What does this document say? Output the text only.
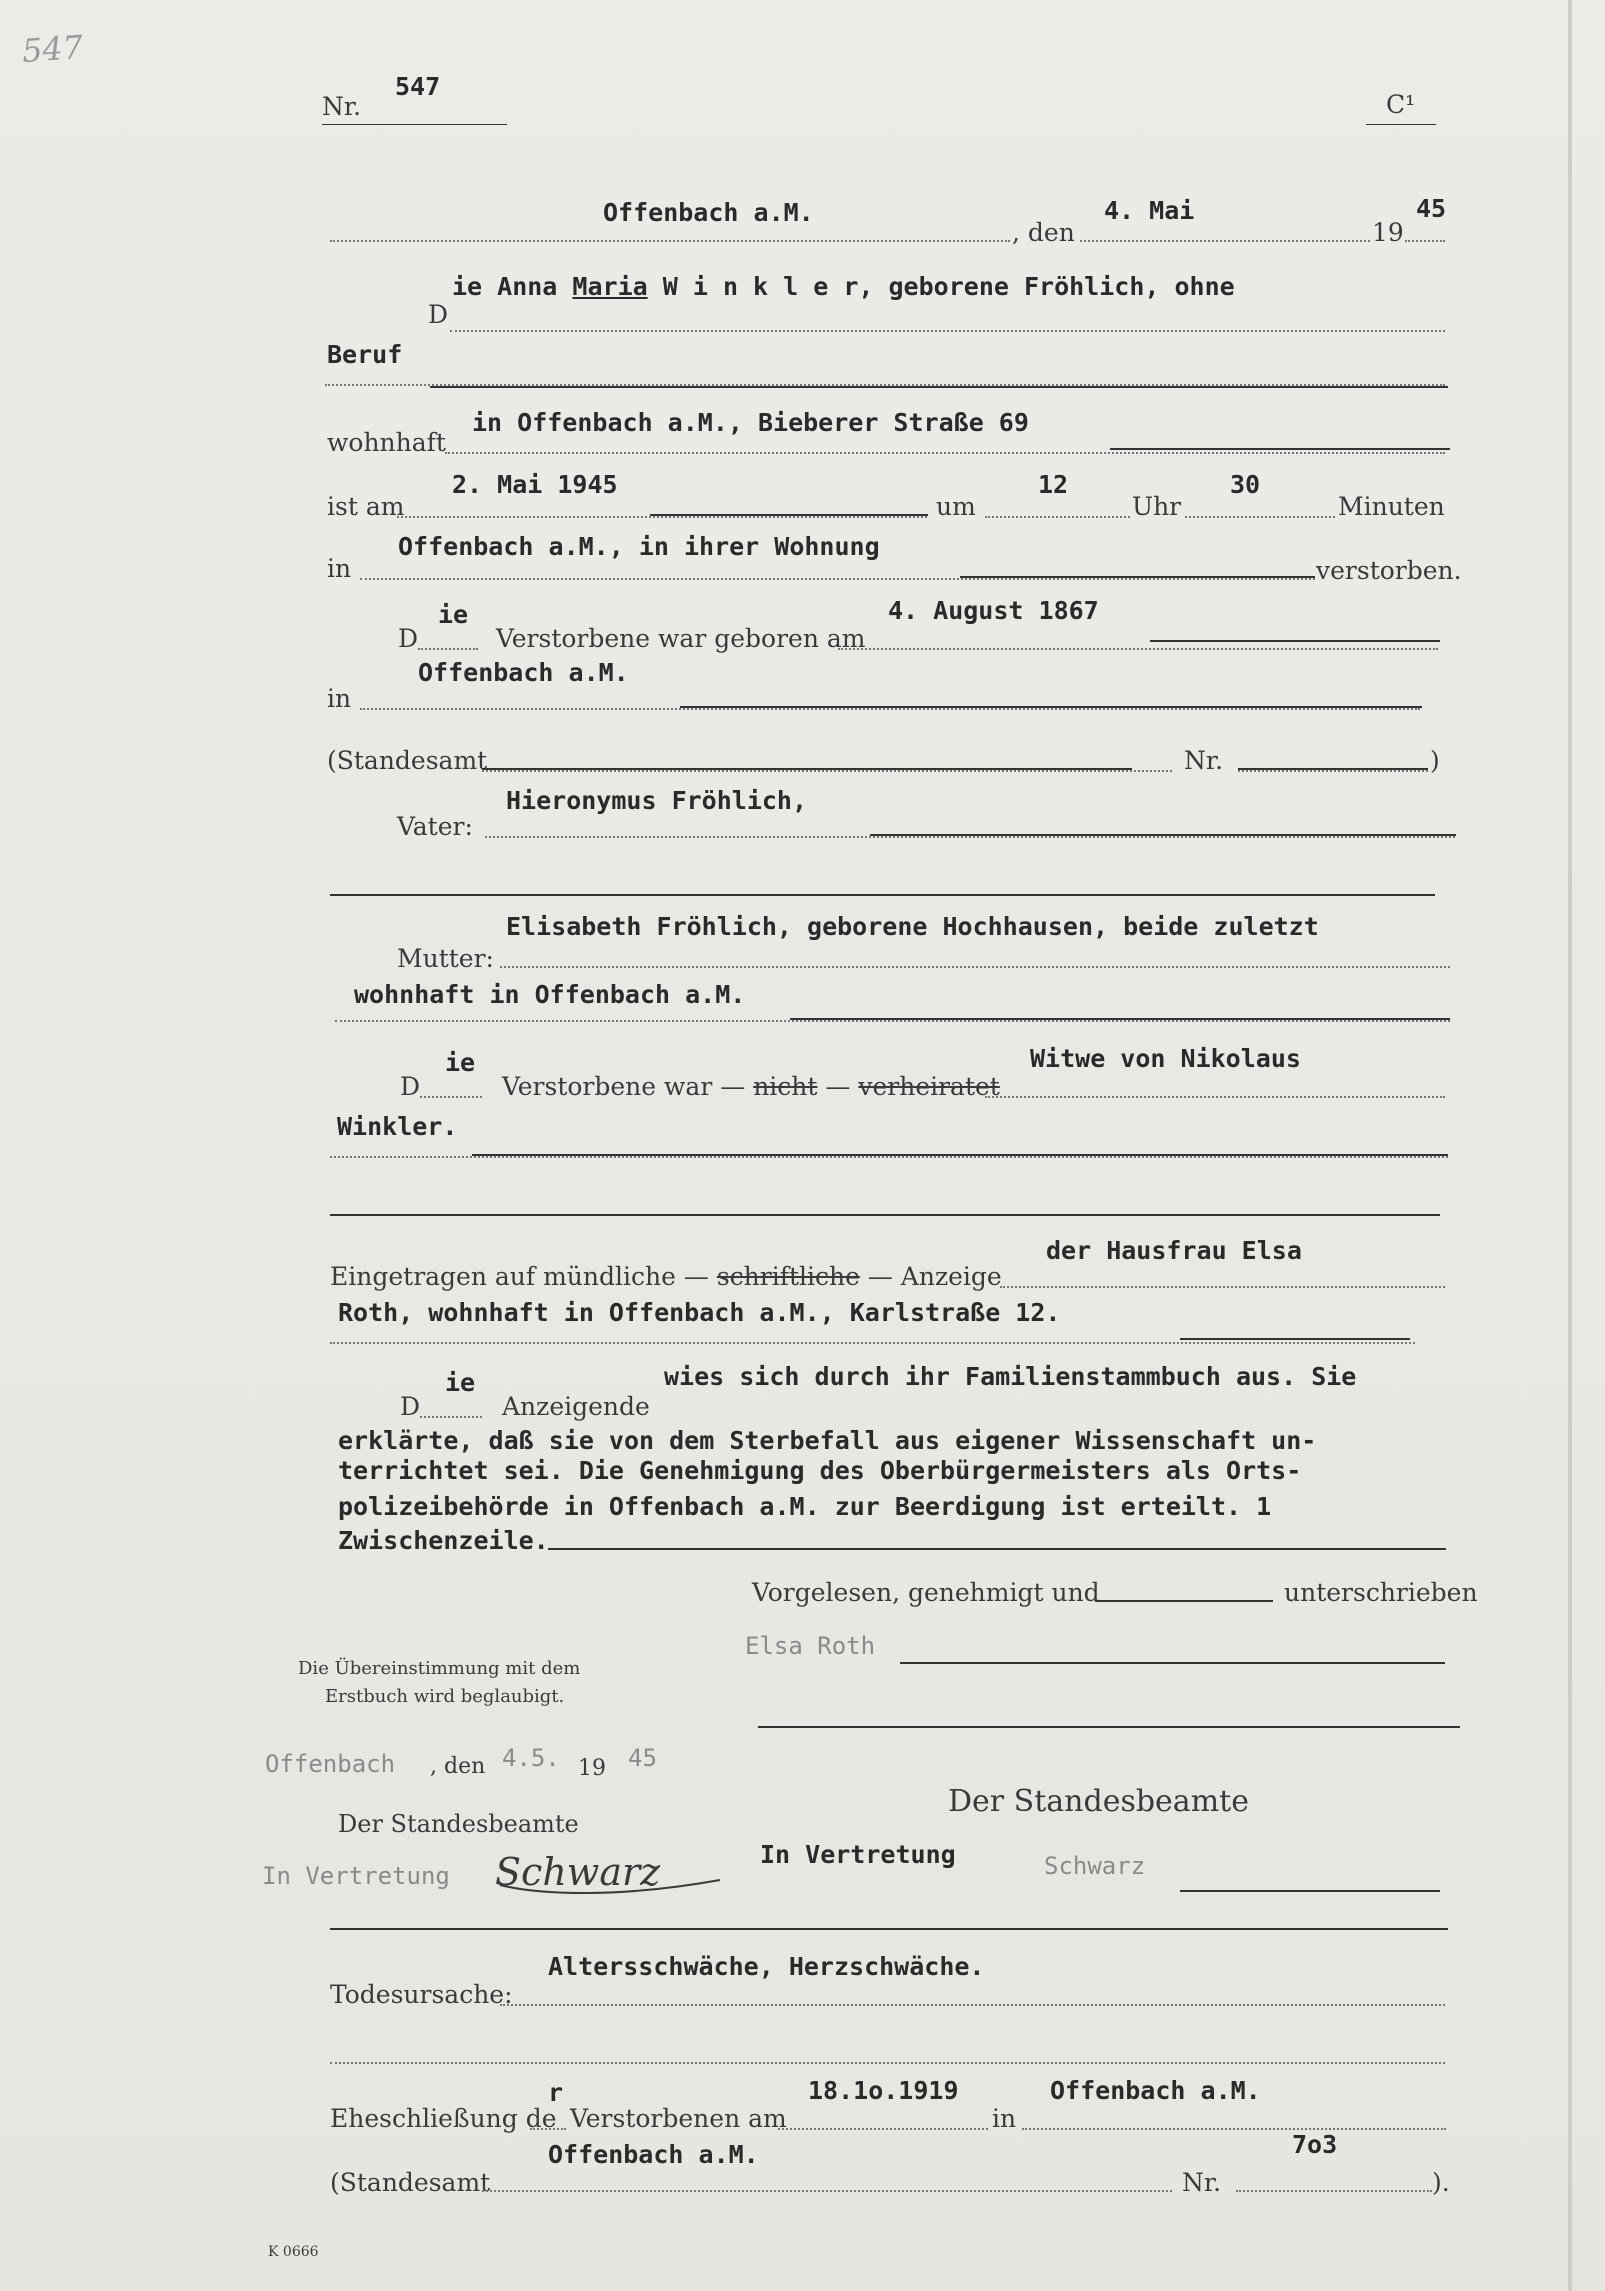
547
Nr.
547
C¹
Offenbach a.M.
, den
4. Mai
19
45
D
ie Anna Maria W i n k l e r, geborene Fröhlich, ohne
Beruf
wohnhaft
in Offenbach a.M., Bieberer Straße 69
ist am
2. Mai 1945
um
12
Uhr
30
Minuten
in
Offenbach a.M., in ihrer Wohnung
verstorben.
ie
D	Verstorbene war geboren am
4. August 1867
Offenbach a.M.
in
(Standesamt	Nr.	)
Hieronymus Fröhlich,
Vater:
Elisabeth Fröhlich, geborene Hochhausen, beide zuletzt
Mutter:
wohnhaft in Offenbach a.M.
ie
D	Verstorbene war — nicht — verheiratet
Witwe von Nikolaus
Winkler.
Eingetragen auf mündliche — schriftliche — Anzeige
der Hausfrau Elsa
Roth, wohnhaft in Offenbach a.M., Karlstraße 12.
ie
D	Anzeigende
wies sich durch ihr Familienstammbuch aus. Sie
erklärte, daß sie von dem Sterbefall aus eigener Wissenschaft un-
terrichtet sei. Die Genehmigung des Oberbürgermeisters als Orts-
polizeibehörde in Offenbach a.M. zur Beerdigung ist erteilt. 1
Zwischenzeile.
Vorgelesen, genehmigt und	unterschrieben
Elsa Roth
Der Standesbeamte
In Vertretung	Schwarz
Die Übereinstimmung mit dem
Erstbuch wird beglaubigt.
Offenbach , den 4.5. 19 45
Der Standesbeamte
In Vertretung Schwarz
Altersschwäche, Herzschwäche.
Todesursache:
r
Eheschließung de Verstorbenen am
18.1o.1919
in
Offenbach a.M.
Offenbach a.M.
(Standesamt	Nr.
7o3
).
K 0666
